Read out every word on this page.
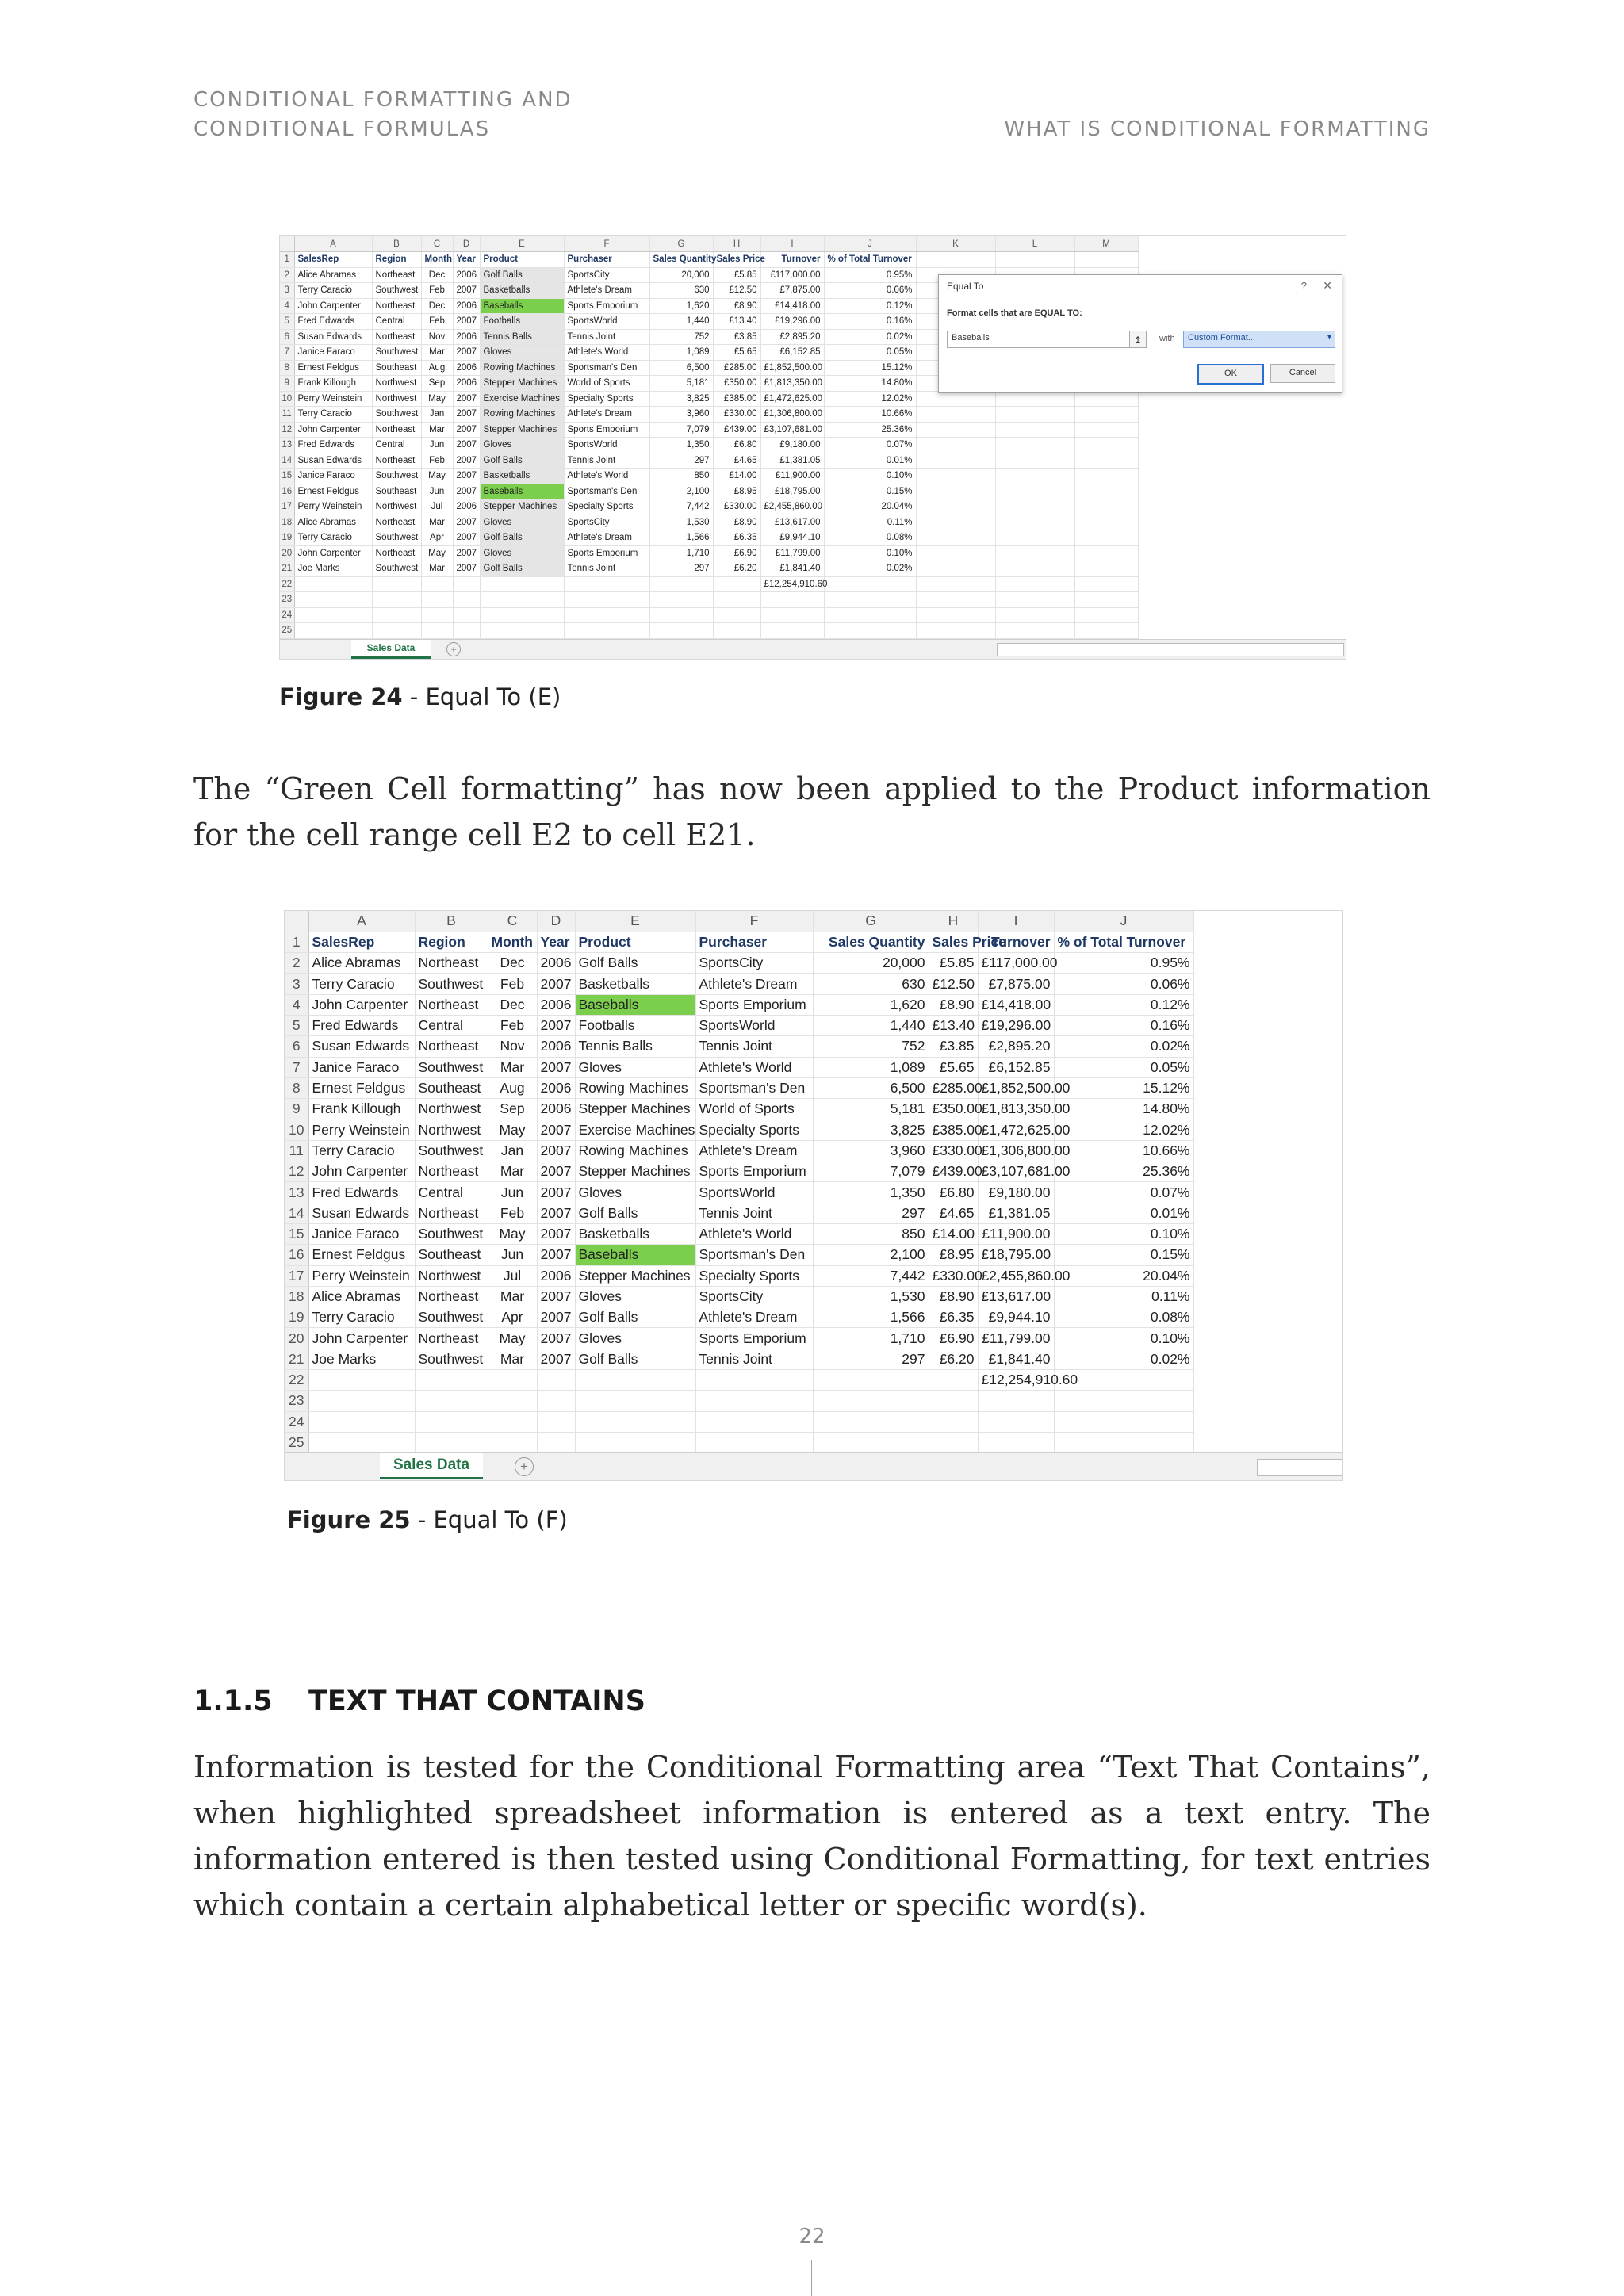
CONDITIONAL FORMATTING AND
CONDITIONAL FORMULAS	WHAT IS CONDITIONAL FORMATTING
	A	B	C	D	E	F	G	H	I	J	K	L	M
1	SalesRep	Region	Month	Year	Product	Purchaser	Sales Quantity	Sales Price	Turnover	% of Total Turnover			
2	Alice Abramas	Northeast	Dec	2006	Golf Balls	SportsCity	20,000	£5.85	£117,000.00	0.95%			
3	Terry Caracio	Southwest	Feb	2007	Basketballs	Athlete's Dream	630	£12.50	£7,875.00	0.06%			
4	John Carpenter	Northeast	Dec	2006	Baseballs	Sports Emporium	1,620	£8.90	£14,418.00	0.12%			
5	Fred Edwards	Central	Feb	2007	Footballs	SportsWorld	1,440	£13.40	£19,296.00	0.16%			
6	Susan Edwards	Northeast	Nov	2006	Tennis Balls	Tennis Joint	752	£3.85	£2,895.20	0.02%			
7	Janice Faraco	Southwest	Mar	2007	Gloves	Athlete's World	1,089	£5.65	£6,152.85	0.05%			
8	Ernest Feldgus	Southeast	Aug	2006	Rowing Machines	Sportsman's Den	6,500	£285.00	£1,852,500.00	15.12%			
9	Frank Killough	Northwest	Sep	2006	Stepper Machines	World of Sports	5,181	£350.00	£1,813,350.00	14.80%			
10	Perry Weinstein	Northwest	May	2007	Exercise Machines	Specialty Sports	3,825	£385.00	£1,472,625.00	12.02%			
11	Terry Caracio	Southwest	Jan	2007	Rowing Machines	Athlete's Dream	3,960	£330.00	£1,306,800.00	10.66%			
12	John Carpenter	Northeast	Mar	2007	Stepper Machines	Sports Emporium	7,079	£439.00	£3,107,681.00	25.36%			
13	Fred Edwards	Central	Jun	2007	Gloves	SportsWorld	1,350	£6.80	£9,180.00	0.07%			
14	Susan Edwards	Northeast	Feb	2007	Golf Balls	Tennis Joint	297	£4.65	£1,381.05	0.01%			
15	Janice Faraco	Southwest	May	2007	Basketballs	Athlete's World	850	£14.00	£11,900.00	0.10%			
16	Ernest Feldgus	Southeast	Jun	2007	Baseballs	Sportsman's Den	2,100	£8.95	£18,795.00	0.15%			
17	Perry Weinstein	Northwest	Jul	2006	Stepper Machines	Specialty Sports	7,442	£330.00	£2,455,860.00	20.04%			
18	Alice Abramas	Northeast	Mar	2007	Gloves	SportsCity	1,530	£8.90	£13,617.00	0.11%			
19	Terry Caracio	Southwest	Apr	2007	Golf Balls	Athlete's Dream	1,566	£6.35	£9,944.10	0.08%			
20	John Carpenter	Northeast	May	2007	Gloves	Sports Emporium	1,710	£6.90	£11,799.00	0.10%			
21	Joe Marks	Southwest	Mar	2007	Golf Balls	Tennis Joint	297	£6.20	£1,841.40	0.02%			
22									£12,254,910.60				
23													
24													
25													
Equal To	? ✕
Format cells that are EQUAL TO:
Baseballs	↥	with	Custom Format...	▾
OK	Cancel
Sales Data	+
Figure 24 - Equal To (E)

The “Green Cell formatting” has now been applied to the Product information for the cell range cell E2 to cell E21.

	A	B	C	D	E	F	G	H	I	J
1	SalesRep	Region	Month	Year	Product	Purchaser	Sales Quantity	Sales Price	Turnover	% of Total Turnover
2	Alice Abramas	Northeast	Dec	2006	Golf Balls	SportsCity	20,000	£5.85	£117,000.00	0.95%
3	Terry Caracio	Southwest	Feb	2007	Basketballs	Athlete's Dream	630	£12.50	£7,875.00	0.06%
4	John Carpenter	Northeast	Dec	2006	Baseballs	Sports Emporium	1,620	£8.90	£14,418.00	0.12%
5	Fred Edwards	Central	Feb	2007	Footballs	SportsWorld	1,440	£13.40	£19,296.00	0.16%
6	Susan Edwards	Northeast	Nov	2006	Tennis Balls	Tennis Joint	752	£3.85	£2,895.20	0.02%
7	Janice Faraco	Southwest	Mar	2007	Gloves	Athlete's World	1,089	£5.65	£6,152.85	0.05%
8	Ernest Feldgus	Southeast	Aug	2006	Rowing Machines	Sportsman's Den	6,500	£285.00	£1,852,500.00	15.12%
9	Frank Killough	Northwest	Sep	2006	Stepper Machines	World of Sports	5,181	£350.00	£1,813,350.00	14.80%
10	Perry Weinstein	Northwest	May	2007	Exercise Machines	Specialty Sports	3,825	£385.00	£1,472,625.00	12.02%
11	Terry Caracio	Southwest	Jan	2007	Rowing Machines	Athlete's Dream	3,960	£330.00	£1,306,800.00	10.66%
12	John Carpenter	Northeast	Mar	2007	Stepper Machines	Sports Emporium	7,079	£439.00	£3,107,681.00	25.36%
13	Fred Edwards	Central	Jun	2007	Gloves	SportsWorld	1,350	£6.80	£9,180.00	0.07%
14	Susan Edwards	Northeast	Feb	2007	Golf Balls	Tennis Joint	297	£4.65	£1,381.05	0.01%
15	Janice Faraco	Southwest	May	2007	Basketballs	Athlete's World	850	£14.00	£11,900.00	0.10%
16	Ernest Feldgus	Southeast	Jun	2007	Baseballs	Sportsman's Den	2,100	£8.95	£18,795.00	0.15%
17	Perry Weinstein	Northwest	Jul	2006	Stepper Machines	Specialty Sports	7,442	£330.00	£2,455,860.00	20.04%
18	Alice Abramas	Northeast	Mar	2007	Gloves	SportsCity	1,530	£8.90	£13,617.00	0.11%
19	Terry Caracio	Southwest	Apr	2007	Golf Balls	Athlete's Dream	1,566	£6.35	£9,944.10	0.08%
20	John Carpenter	Northeast	May	2007	Gloves	Sports Emporium	1,710	£6.90	£11,799.00	0.10%
21	Joe Marks	Southwest	Mar	2007	Golf Balls	Tennis Joint	297	£6.20	£1,841.40	0.02%
22									£12,254,910.60	
23										
24										
25										
Sales Data	+
Figure 25 - Equal To (F)
1.1.5 TEXT THAT CONTAINS

Information is tested for the Conditional Formatting area “Text That Contains”, when highlighted spreadsheet information is entered as a text entry. The information entered is then tested using Conditional Formatting, for text entries which contain a certain alphabetical letter or specific word(s).

22
